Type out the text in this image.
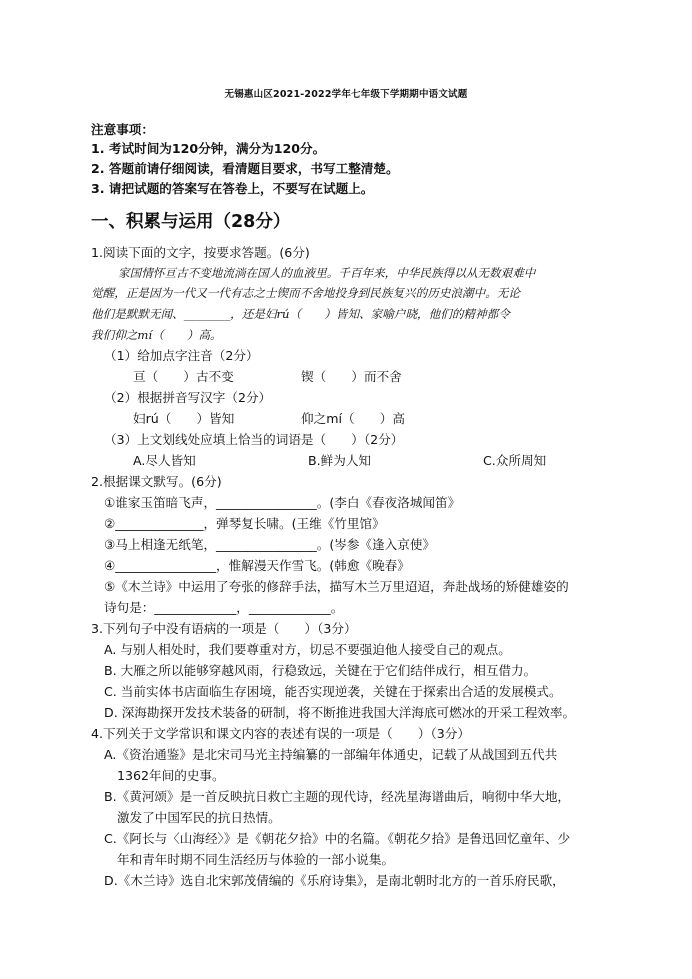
无锡惠山区2021-2022学年七年级下学期期中语文试题
注意事项：
1. 考试时间为120分钟，满分为120分。
2. 答题前请仔细阅读，看清题目要求，书写工整清楚。
3. 请把试题的答案写在答卷上，不要写在试题上。
一、积累与运用（28分）
1.阅读下面的文字，按要求答题。(6分)
家国情怀亘古不变地流淌在国人的血液里。千百年来，中华民族得以从无数艰难中
觉醒，正是因为一代又一代有志之士锲而不舍地投身到民族复兴的历史浪潮中。无论
他们是默默无闻、________，还是妇rú（　　）皆知、家喻户晓，他们的精神都令
我们仰之mí（　　）高。
（1）给加点字注音（2分）
亘（　　）古不变	锲（　　）而不舍
（2）根据拼音写汉字（2分）
妇rú（　　）皆知	仰之mí（　　）高
（3）上文划线处应填上恰当的词语是（　　）（2分）
A.尽人皆知	B.鲜为人知	C.众所周知
2.根据课文默写。(6分)
①谁家玉笛暗飞声，________________。(李白《春夜洛城闻笛》
②______________，弹琴复长啸。(王维《竹里馆》
③马上相逢无纸笔，________________。(岑参《逢入京使》
④________________，惟解漫天作雪飞。(韩愈《晚春》
⑤《木兰诗》中运用了夸张的修辞手法，描写木兰万里迢迢，奔赴战场的矫健雄姿的
诗句是：_____________，_____________。
3.下列句子中没有语病的一项是（　　）（3分）
A. 与别人相处时，我们要尊重对方，切忌不要强迫他人接受自己的观点。
B. 大雁之所以能够穿越风雨，行稳致远，关键在于它们结伴成行，相互借力。
C. 当前实体书店面临生存困境，能否实现逆袭，关键在于探索出合适的发展模式。
D. 深海勘探开发技术装备的研制，将不断推进我国大洋海底可燃冰的开采工程效率。
4.下列关于文学常识和课文内容的表述有误的一项是（　　）（3分）
A.《资治通鉴》是北宋司马光主持编纂的一部编年体通史，记载了从战国到五代共
1362年间的史事。
B.《黄河颂》是一首反映抗日救亡主题的现代诗，经冼星海谱曲后，响彻中华大地，
激发了中国军民的抗日热情。
C.《阿长与〈山海经〉》是《朝花夕拾》中的名篇。《朝花夕拾》是鲁迅回忆童年、少
年和青年时期不同生活经历与体验的一部小说集。
D.《木兰诗》选自北宋郭茂倩编的《乐府诗集》，是南北朝时北方的一首乐府民歌，
